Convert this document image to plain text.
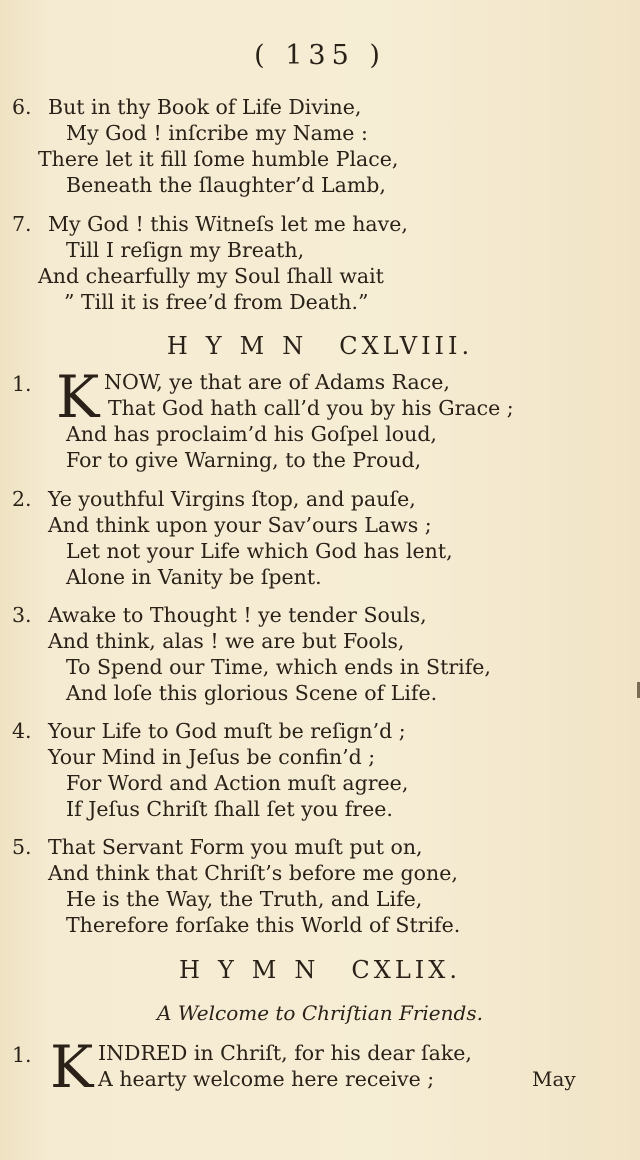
( 135 )
6. But in thy Book of Life Divine,
My God ! inſcribe my Name :
There let it fill ſome humble Place,
Beneath the ſlaughter’d Lamb,
7. My God ! this Witneſs let me have,
Till I reſign my Breath,
And chearfully my Soul ſhall wait
” Till it is free’d from Death.”
HYMN CXLVIII.
1. K NOW, ye that are of Adams Race,
That God hath call’d you by his Grace ;
And has proclaim’d his Goſpel loud,
For to give Warning, to the Proud,
2. Ye youthful Virgins ſtop, and pauſe,
And think upon your Sav’ours Laws ;
Let not your Life which God has lent,
Alone in Vanity be ſpent.
3. Awake to Thought ! ye tender Souls,
And think, alas ! we are but Fools,
To Spend our Time, which ends in Strife,
And loſe this glorious Scene of Life.
4. Your Life to God muſt be reſign’d ;
Your Mind in Jeſus be confin’d ;
For Word and Action muſt agree,
If Jeſus Chriſt ſhall ſet you free.
5. That Servant Form you muſt put on,
And think that Chriſt’s before me gone,
He is the Way, the Truth, and Life,
Therefore forſake this World of Strife.
HYMN CXLIX.
A Welcome to Chriſtian Friends.
1. K INDRED in Chriſt, for his dear ſake,
A hearty welcome here receive ;	May
